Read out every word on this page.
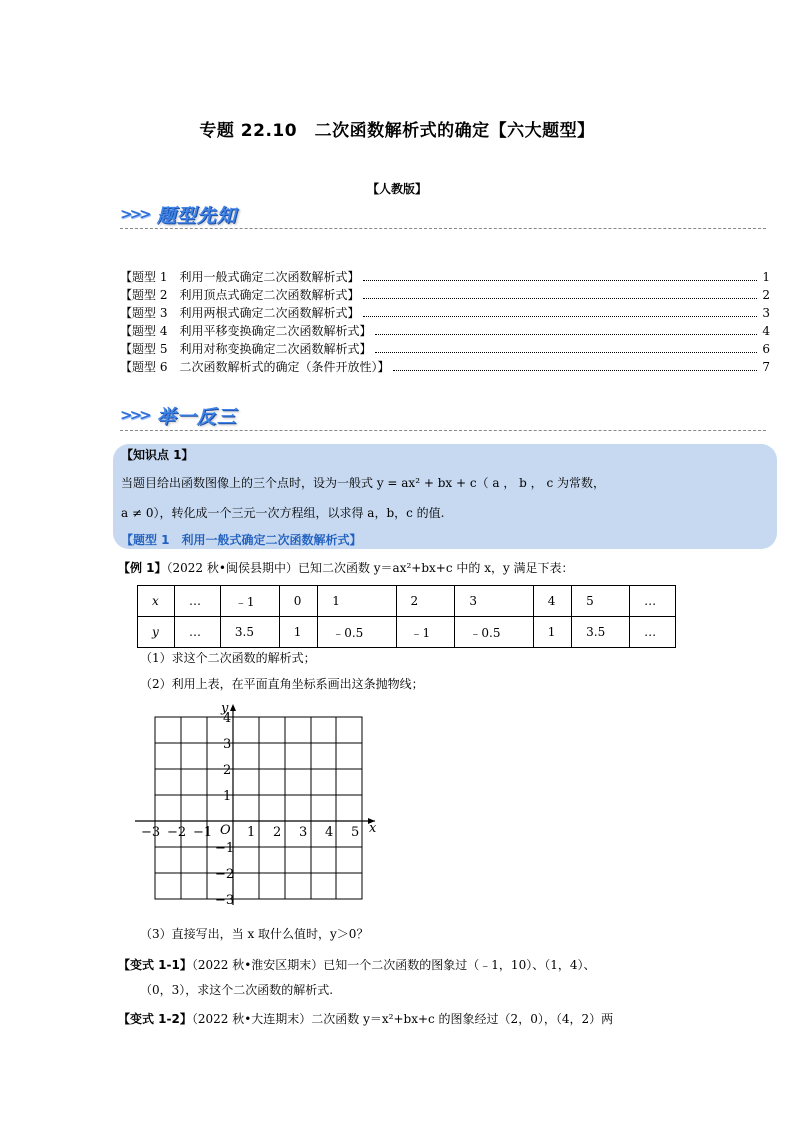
专题 22.10　二次函数解析式的确定【六大题型】
【人教版】
>>> 题型先知
【题型 1　利用一般式确定二次函数解析式】	1
【题型 2　利用顶点式确定二次函数解析式】	2
【题型 3　利用两根式确定二次函数解析式】	3
【题型 4　利用平移变换确定二次函数解析式】	4
【题型 5　利用对称变换确定二次函数解析式】	6
【题型 6　二次函数解析式的确定（条件开放性）】	7
>>> 举一反三
【知识点 1】
当题目给出函数图像上的三个点时，设为一般式 y = ax² + bx + c（ a ， b ， c 为常数，
a ≠ 0），转化成一个三元一次方程组，以求得 a，b，c 的值.
【题型 1　利用一般式确定二次函数解析式】
【例 1】（2022 秋•闽侯县期中）已知二次函数 y＝ax²+bx+c 中的 x，y 满足下表：
x	…	﹣1	0	1	2	3	4	5	…
y	…	3.5	1	﹣0.5	﹣1	﹣0.5	1	3.5	…
（1）求这个二次函数的解析式；
（2）利用上表，在平面直角坐标系画出这条抛物线；
−3 −2 −1	1 2 3 4 5
4
3
2
1
−1
−2
−3
O	x
y
（3）直接写出，当 x 取什么值时，y＞0？
【变式 1-1】（2022 秋•淮安区期末）已知一个二次函数的图象过（﹣1，10）、（1，4）、
（0，3），求这个二次函数的解析式.
【变式 1-2】（2022 秋•大连期末）二次函数 y＝x²+bx+c 的图象经过（2，0），（4，2）两
